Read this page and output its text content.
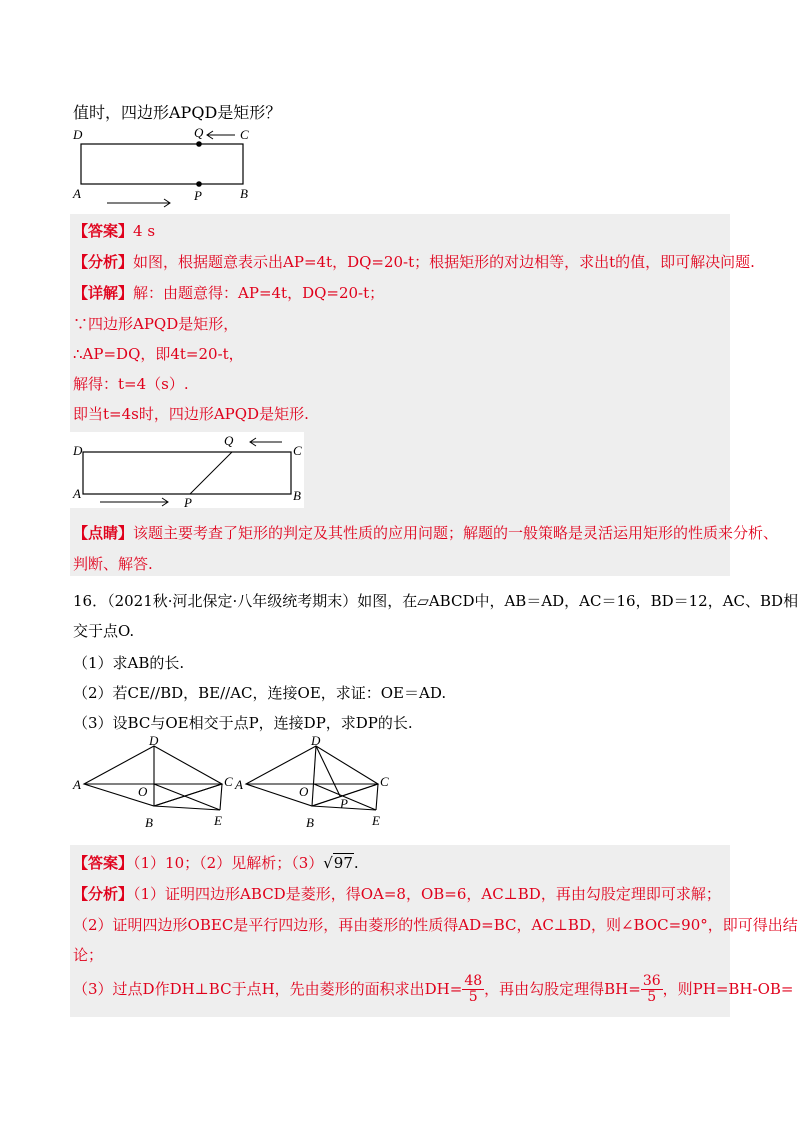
值时，四边形APQD是矩形？
D	Q	C
A	P	B
【答案】4 s
【分析】如图，根据题意表示出AP=4t，DQ=20-t；根据矩形的对边相等，求出t的值，即可解决问题.
【详解】解：由题意得：AP=4t，DQ=20-t；
∵四边形APQD是矩形，
∴AP=DQ，即4t=20-t，
解得：t=4（s）.
即当t=4s时，四边形APQD是矩形.
D
Q
C
A
P	B
【点睛】该题主要考查了矩形的判定及其性质的应用问题；解题的一般策略是灵活运用矩形的性质来分析、
判断、解答.
16．（2021秋·河北保定·八年级统考期末）如图，在▱ABCD中，AB＝AD，AC＝16，BD＝12，AC、BD相
交于点O.
（1）求AB的长.
（2）若CE//BD，BE//AC，连接OE，求证：OE＝AD.
（3）设BC与OE相交于点P，连接DP，求DP的长.
D
A	O
C
B	E
D
A	O
P
C
B	E
【答案】（1）10；（2）见解析；（3）√97.
【分析】（1）证明四边形ABCD是菱形，得OA=8，OB=6，AC⊥BD，再由勾股定理即可求解；
（2）证明四边形OBEC是平行四边形，再由菱形的性质得AD=BC，AC⊥BD，则∠BOC=90°，即可得出结
论；
（3）过点D作DH⊥BC于点H，先由菱形的面积求出$DH= \frac{48}{5}$ ，再由勾股定理得$BH= \frac{36}{5}$ ，则PH=BH-OB=
